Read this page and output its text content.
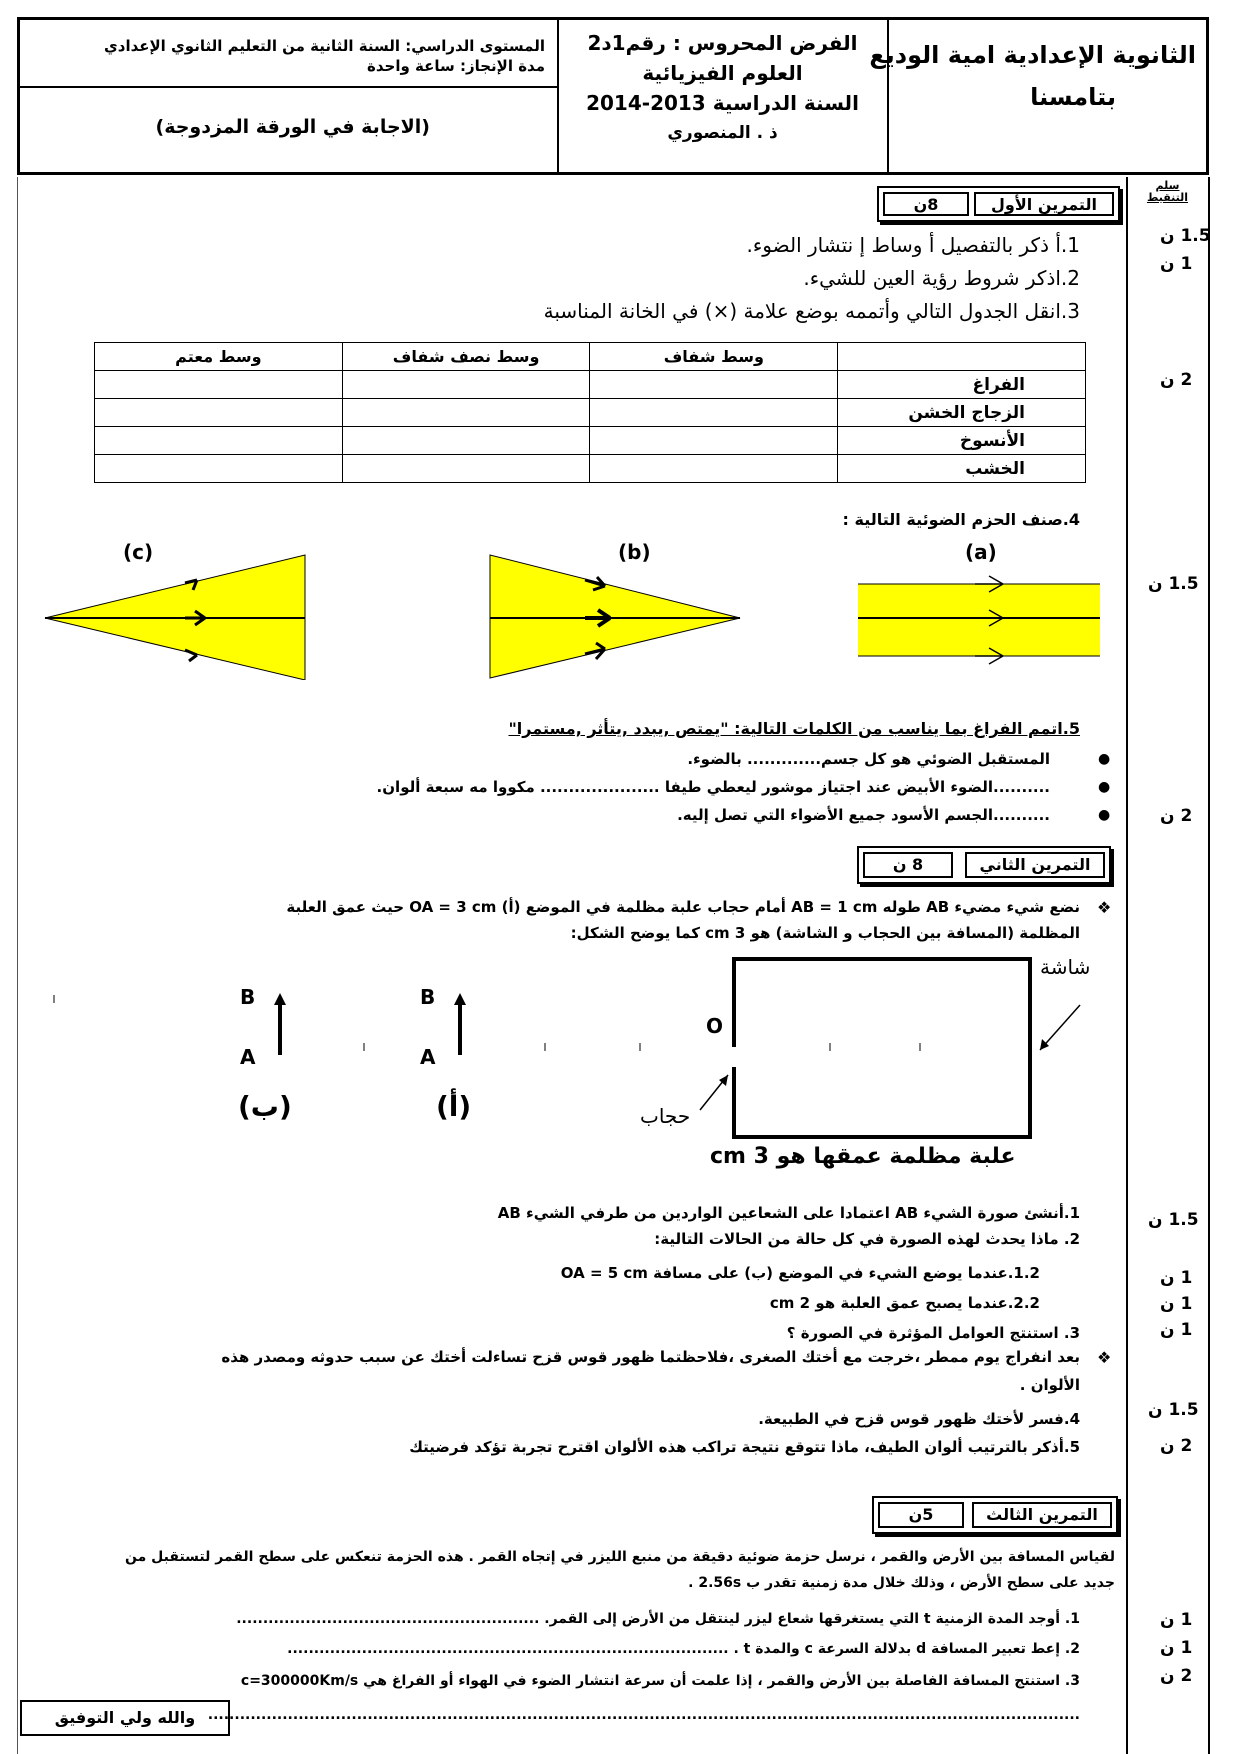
الثانوية الإعدادية امية الوديع
بتامسنا
الفرض المحروس : رقم1د2
العلوم الفيزيائية
السنة الدراسية 2013-2014
ذ . المنصوري
المستوى الدراسي: السنة الثانية من التعليم الثانوي الإعدادي
مدة الإنجاز: ساعة واحدة
(الاجابة في الورقة المزدوجة)
سلم التنقيط
التمرين الأول
8ن
1.أ ذكر بالتفصيل أ وساط إ نتشار الضوء.
2.اذكر شروط رؤية العين للشيء.
3.انقل الجدول التالي وأتممه بوضع علامة (×) في الخانة المناسبة
1.5 ن
1 ن
2 ن
1.5 ن
2 ن
	وسط شفاف	وسط نصف شفاف	وسط معتم
الفراغ			
الزجاج الخشن			
الأنسوخ			
الخشب			
4.صنف الحزم الضوئية التالية :
(c)	(b)	(a)
5.اتمم الفراغ بما يناسب من الكلمات التالية: "يمتص ,يبدد ,يتأثر ,مستمرا"
المستقبل الضوئي هو كل جسم............. بالضوء.
..........الضوء الأبيض عند اجتياز موشور ليعطي طيفا ..................... مكووا مه سبعة ألوان.
..........الجسم الأسود جميع الأضواء التي تصل إليه.
●
●
●
التمرين الثاني
8 ن
❖
نضع شيء مضيء AB طوله AB = 1 cm أمام حجاب علبة مظلمة في الموضع (أ) OA = 3 cm حيث عمق العلبة
المظلمة (المسافة بين الحجاب و الشاشة) هو 3 cm كما يوضح الشكل:
شاشة
O
B
A
B
A
(ب)	(أ)	حجاب
علبة مظلمة عمقها هو 3 cm
1.5 ن
1 ن
1 ن
1 ن
1.5 ن
2 ن
1.أنشئ صورة الشيء AB اعتمادا على الشعاعين الواردين من طرفي الشيء AB
2. ماذا يحدث لهذه الصورة في كل حالة من الحالات التالية:
1.2.عندما يوضع الشيء في الموضع (ب) على مسافة OA = 5 cm
2.2.عندما يصبح عمق العلبة هو 2 cm
3. استنتج العوامل المؤثرة في الصورة ؟
❖
بعد انفراج يوم ممطر ،خرجت مع أختك الصغرى ،فلاحظتما ظهور قوس قزح تساءلت أختك عن سبب حدوثه ومصدر هذه
الألوان .
4.فسر لأختك ظهور قوس قزح في الطبيعة.
5.أذكر بالترتيب ألوان الطيف، ماذا تتوقع نتيجة تراكب هذه الألوان اقترح تجربة تؤكد فرضيتك
التمرين الثالث
5ن
لقياس المسافة بين الأرض والقمر ، نرسل حزمة ضوئية دقيقة من منبع الليزر في إتجاه القمر . هذه الحزمة تنعكس على سطح القمر لتستقبل من
جديد على سطح الأرض ، وذلك خلال مدة زمنية تقدر ب 2.56s .
1. أوجد المدة الزمنية t التي يستغرقها شعاع ليزر لينتقل من الأرض إلى القمر. .........................................................
2. إعط تعبير المسافة d بدلالة السرعة c والمدة t . ...................................................................................
3. استنتج المسافة الفاصلة بين الأرض والقمر ، إذا علمت أن سرعة انتشار الضوء في الهواء أو الفراغ هي c=300000Km/s
....................................................................................................................................................................
1 ن
1 ن
2 ن
والله ولي التوفيق
